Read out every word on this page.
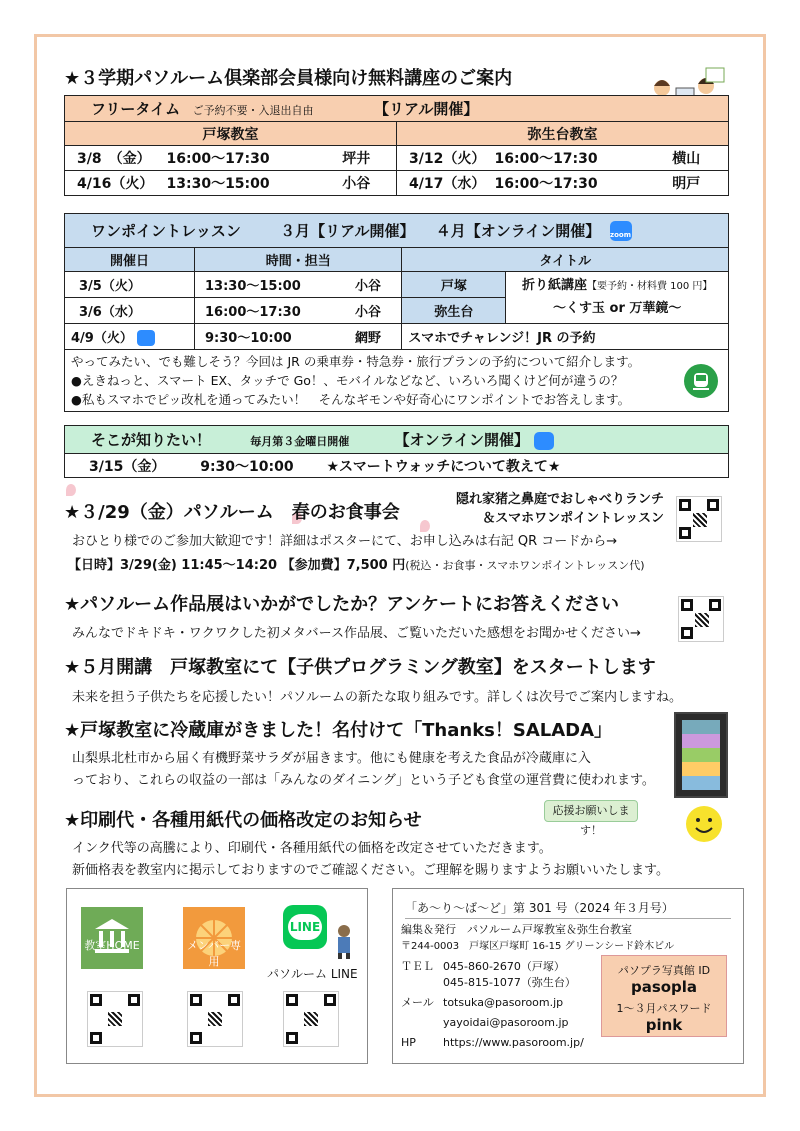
★３学期パソルーム倶楽部会員様向け無料講座のご案内
フリータイム ご予約不要・入退出自由 【リアル開催】					
戸塚教室			弥生台教室		
3/8　（金）	16:00～17:30	坪井	3/12（火）	16:00～17:30	横山
4/16（火）	13:30～15:00	小谷	4/17（水）	16:00～17:30	明戸
ワンポイントレッスン ３月【リアル開催】 ４月【オンライン開催】 zoom				
開催日	時間・担当		タイトル	
3/5（火）	13:30～15:00	小谷	戸塚	折り紙講座【要予約・材料費 100 円】
～くす玉 or 万華鏡～

3/6（水）	16:00～17:30	小谷	弥生台	
4/9（火）	9:30～10:00	網野	スマホでチャレンジ！JR の予約	

やってみたい、でも難しそう？今回は JR の乗車券・特急券・旅行プランの予約について紹介します。
●えきねっと、スマート EX、タッチで Go！、モバイルなどなど、いろいろ聞くけど何が違うの？
●私もスマホでピッ改札を通ってみたい！　そんなギモンや好奇心にワンポイントでお答えします。				
そこが知りたい！	毎月第３金曜日開催	【オンライン開催】
3/15（金） 9:30～10:00 ★スマートウォッチについて教えて★
★３/29（金）パソルーム　春のお食事会
隠れ家猪之鼻庭でおしゃべりランチ
＆スマホワンポイントレッスン
おひとり様でのご参加大歓迎です！詳細はポスターにて、お申し込みは右記 QR コードから→
【日時】3/29(金) 11:45～14:20 【参加費】7,500 円(税込・お食事・スマホワンポイントレッスン代)
★パソルーム作品展はいかがでしたか？アンケートにお答えください
みんなでドキドキ・ワクワクした初メタバース作品展、ご覧いただいた感想をお聞かせください→
★５月開講　戸塚教室にて【子供プログラミング教室】をスタートします
未来を担う子供たちを応援したい！パソルームの新たな取り組みです。詳しくは次号でご案内しますね。
★戸塚教室に冷蔵庫がきました！名付けて「Thanks！SALADA」
山梨県北杜市から届く有機野菜サラダが届きます。他にも健康を考えた食品が冷蔵庫に入
っており、これらの収益の一部は「みんなのダイニング」という子ども食堂の運営費に使われます。
★印刷代・各種用紙代の価格改定のお知らせ	応援お願いします！
インク代等の高騰により、印刷代・各種用紙代の価格を改定させていただきます。
新価格表を教室内に掲示しておりますのでご確認ください。ご理解を賜りますようお願いいたします。
教室HOME	メンバー専用
LINE
パソルーム LINE
「あ～り～ば～ど」第 301 号（2024 年３月号）
編集＆発行　パソルーム戸塚教室＆弥生台教室
〒244-0003　戸塚区戸塚町 16-15 グリーンシード鈴木ビル
ＴＥＬ 045-860-2670（戸塚）
045-815-1077（弥生台）
メール totsuka@pasoroom.jp
yayoidai@pasoroom.jp
HP https://www.pasoroom.jp/
パソプラ写真館 ID
pasopla
1～３月パスワード
pink
